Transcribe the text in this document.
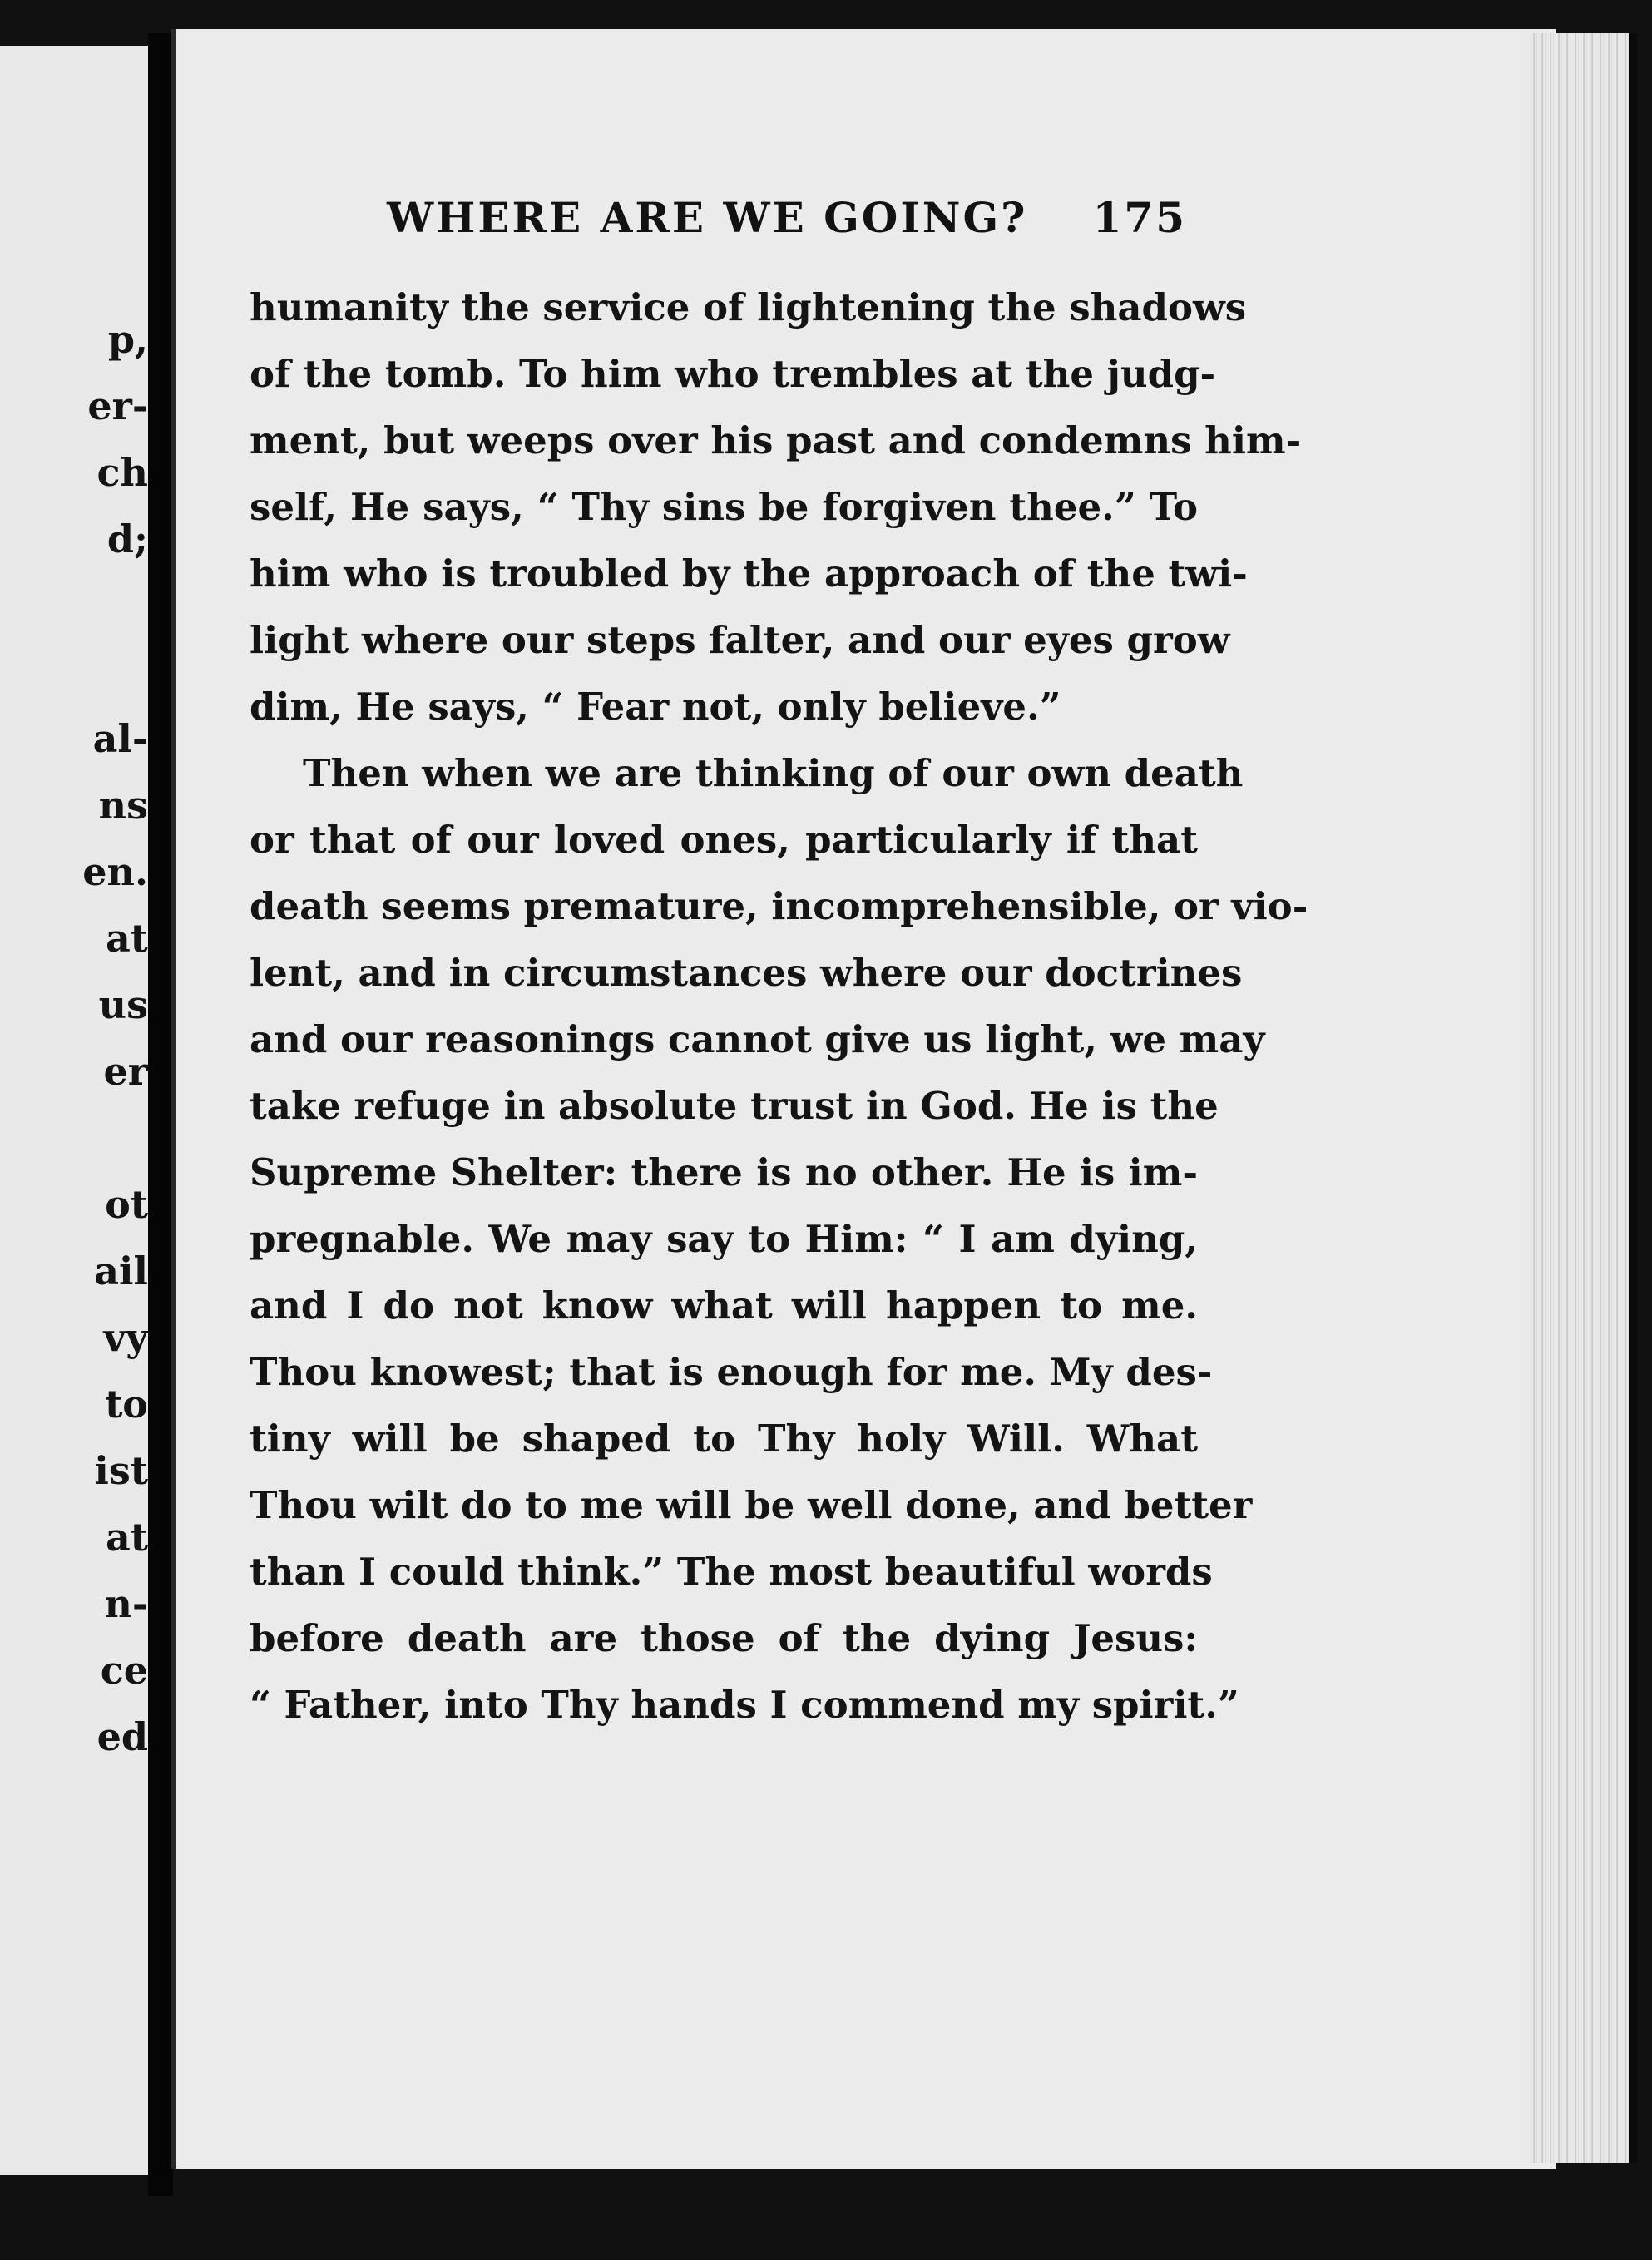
p,
er-
ch
d;
al-
ns
en.
at
us
er
ot
ail
vy
to
ist
at
n-
ce
ed
WHERE ARE WE GOING? 175
humanity the service of lightening the shadows
of the tomb. To him who trembles at the judg-
ment, but weeps over his past and condemns him-
self, He says, “ Thy sins be forgiven thee.” To
him who is troubled by the approach of the twi-
light where our steps falter, and our eyes grow
dim, He says, “ Fear not, only believe.”
Then when we are thinking of our own death
or that of our loved ones, particularly if that
death seems premature, incomprehensible, or vio-
lent, and in circumstances where our doctrines
and our reasonings cannot give us light, we may
take refuge in absolute trust in God. He is the
Supreme Shelter: there is no other. He is im-
pregnable. We may say to Him: “ I am dying,
and I do not know what will happen to me.
Thou knowest; that is enough for me. My des-
tiny will be shaped to Thy holy Will. What
Thou wilt do to me will be well done, and better
than I could think.” The most beautiful words
before death are those of the dying Jesus:
“ Father, into Thy hands I commend my spirit.”
